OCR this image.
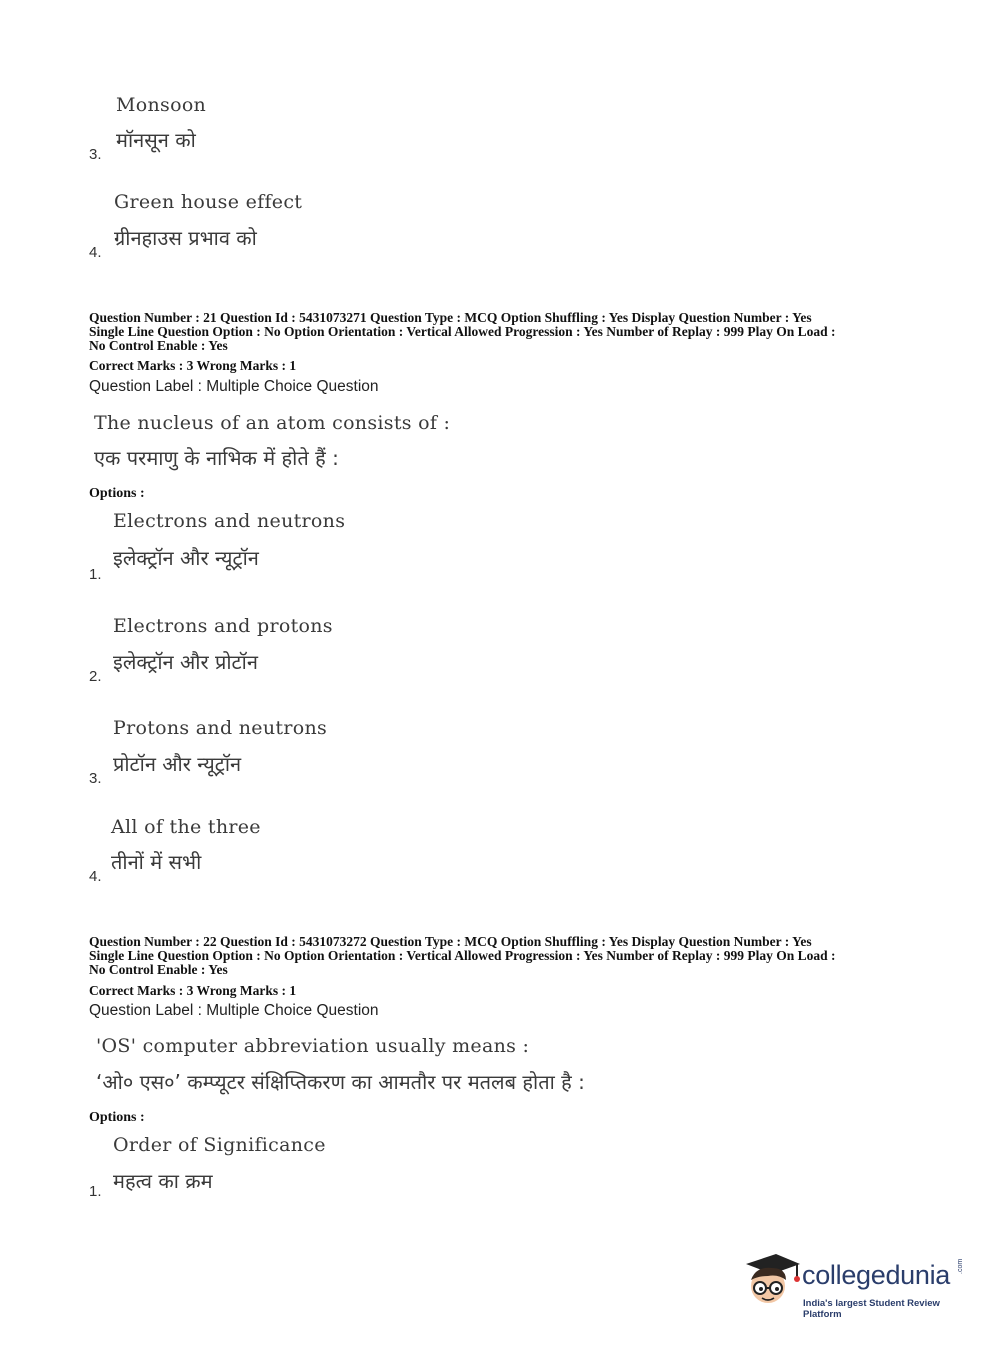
Monsoon
मॉनसून को
3.
Green house effect
ग्रीनहाउस प्रभाव को
4.
Question Number : 21 Question Id : 5431073271 Question Type : MCQ Option Shuffling : Yes Display Question Number : Yes
Single Line Question Option : No Option Orientation : Vertical Allowed Progression : Yes Number of Replay : 999 Play On Load :
No Control Enable : Yes
Correct Marks : 3 Wrong Marks : 1
Question Label : Multiple Choice Question
The nucleus of an atom consists of :
एक परमाणु के नाभिक में होते हैं :
Options :
Electrons and neutrons
इलेक्ट्रॉन और न्यूट्रॉन
1.
Electrons and protons
इलेक्ट्रॉन और प्रोटॉन
2.
Protons and neutrons
प्रोटॉन और न्यूट्रॉन
3.
All of the three
तीनों में सभी
4.
Question Number : 22 Question Id : 5431073272 Question Type : MCQ Option Shuffling : Yes Display Question Number : Yes
Single Line Question Option : No Option Orientation : Vertical Allowed Progression : Yes Number of Replay : 999 Play On Load :
No Control Enable : Yes
Correct Marks : 3 Wrong Marks : 1
Question Label : Multiple Choice Question
'OS' computer abbreviation usually means :
‘ओ० एस०’ कम्प्यूटर संक्षिप्तिकरण का आमतौर पर मतलब होता है :
Options :
Order of Significance
महत्व का क्रम
1.
collegedunia .com
India's largest Student Review Platform
